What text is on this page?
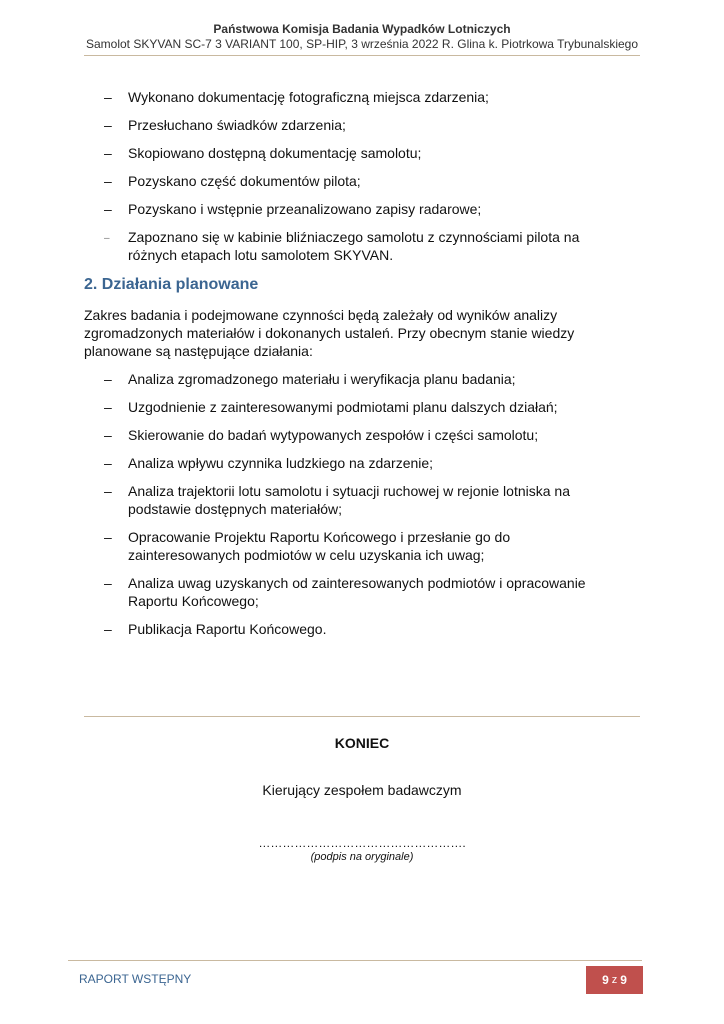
Państwowa Komisja Badania Wypadków Lotniczych
Samolot SKYVAN SC-7 3 VARIANT 100, SP-HIP, 3 września 2022 R. Glina k. Piotrkowa Trybunalskiego
– Wykonano dokumentację fotograficzną miejsca zdarzenia;
– Przesłuchano świadków zdarzenia;
– Skopiowano dostępną dokumentację samolotu;
– Pozyskano część dokumentów pilota;
– Pozyskano i wstępnie przeanalizowano zapisy radarowe;
– Zapoznano się w kabinie bliźniaczego samolotu z czynnościami pilota na różnych etapach lotu samolotem SKYVAN.
2. Działania planowane
Zakres badania i podejmowane czynności będą zależały od wyników analizy zgromadzonych materiałów i dokonanych ustaleń. Przy obecnym stanie wiedzy planowane są następujące działania:
– Analiza zgromadzonego materiału i weryfikacja planu badania;
– Uzgodnienie z zainteresowanymi podmiotami planu dalszych działań;
– Skierowanie do badań wytypowanych zespołów i części samolotu;
– Analiza wpływu czynnika ludzkiego na zdarzenie;
– Analiza trajektorii lotu samolotu i sytuacji ruchowej w rejonie lotniska na podstawie dostępnych materiałów;
– Opracowanie Projektu Raportu Końcowego i przesłanie go do zainteresowanych podmiotów w celu uzyskania ich uwag;
– Analiza uwag uzyskanych od zainteresowanych podmiotów i opracowanie Raportu Końcowego;
– Publikacja Raportu Końcowego.
KONIEC
Kierujący zespołem badawczym
…………………………………………….
(podpis na oryginale)
RAPORT WSTĘPNY	9 z 9
